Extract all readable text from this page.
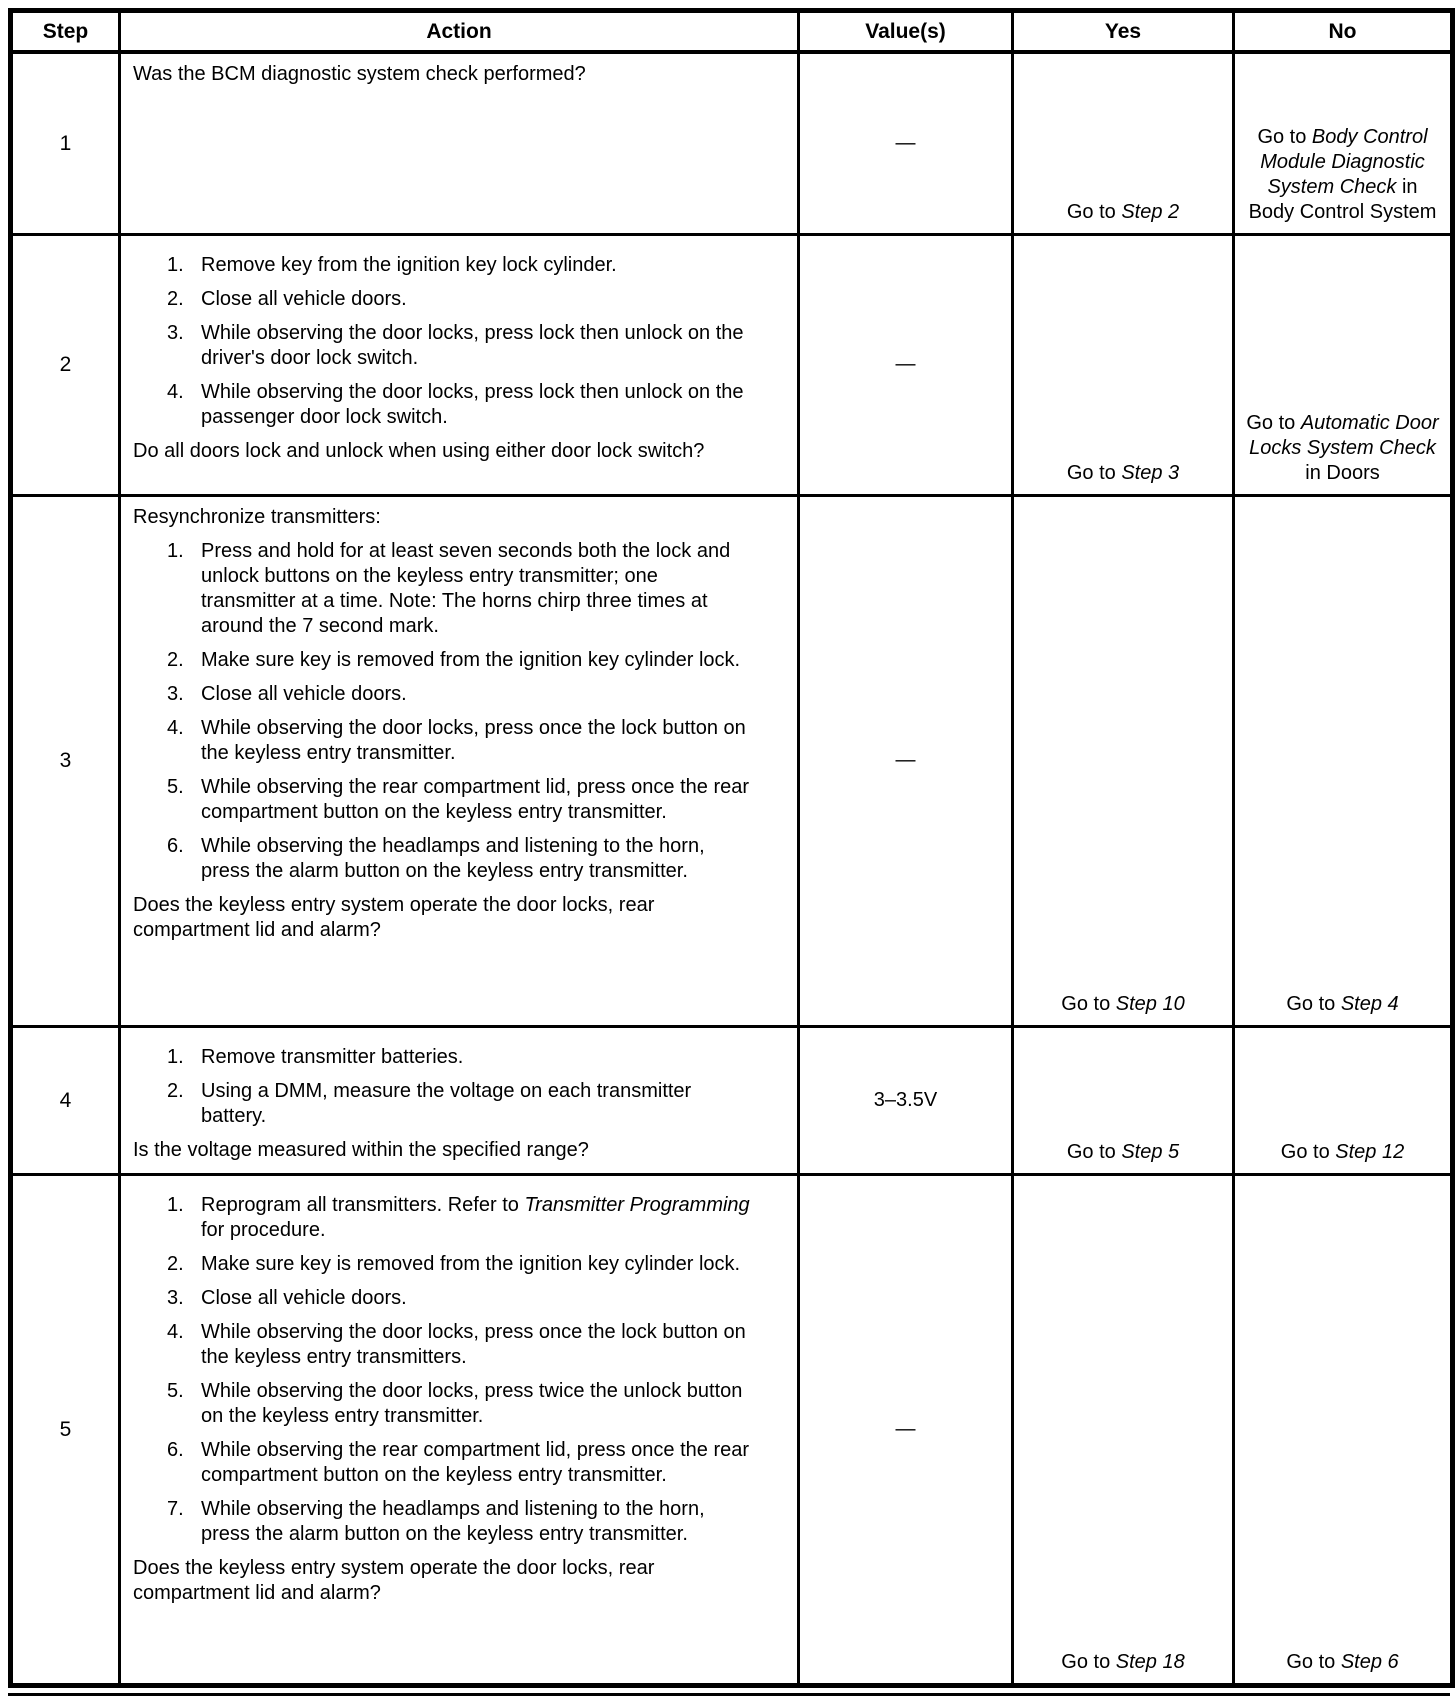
Step	Action	Value(s)	Yes	No
1	Was the BCM diagnostic system check performed?	—	Go to Step 2	Go to Body Control Module Diagnostic System Check in Body Control System
2	
1. Remove key from the ignition key lock cylinder.
2. Close all vehicle doors.
3. While observing the door locks, press lock then unlock on the driver's door lock switch.
4. While observing the door locks, press lock then unlock on the passenger door lock switch.
Do all doors lock and unlock when using either door lock switch?
	—	Go to Step 3	Go to Automatic Door Locks System Check in Doors
3	
Resynchronize transmitters:
1. Press and hold for at least seven seconds both the lock and unlock buttons on the keyless entry transmitter; one transmitter at a time. Note: The horns chirp three times at around the 7 second mark.
2. Make sure key is removed from the ignition key cylinder lock.
3. Close all vehicle doors.
4. While observing the door locks, press once the lock button on the keyless entry transmitter.
5. While observing the rear compartment lid, press once the rear compartment button on the keyless entry transmitter.
6. While observing the headlamps and listening to the horn, press the alarm button on the keyless entry transmitter.
Does the keyless entry system operate the door locks, rear compartment lid and alarm?
	—	Go to Step 10	Go to Step 4
4	1. Remove transmitter batteries.
2. Using a DMM, measure the voltage on each transmitter battery.
Is the voltage measured within the specified range?	3–3.5V	Go to Step 5	Go to Step 12
5	
1. Reprogram all transmitters. Refer to Transmitter Programming for procedure.
2. Make sure key is removed from the ignition key cylinder lock.
3. Close all vehicle doors.
4. While observing the door locks, press once the lock button on the keyless entry transmitters.
5. While observing the door locks, press twice the unlock button on the keyless entry transmitter.
6. While observing the rear compartment lid, press once the rear compartment button on the keyless entry transmitter.
7. While observing the headlamps and listening to the horn, press the alarm button on the keyless entry transmitter.
Does the keyless entry system operate the door locks, rear compartment lid and alarm?
	—	Go to Step 18	Go to Step 6
